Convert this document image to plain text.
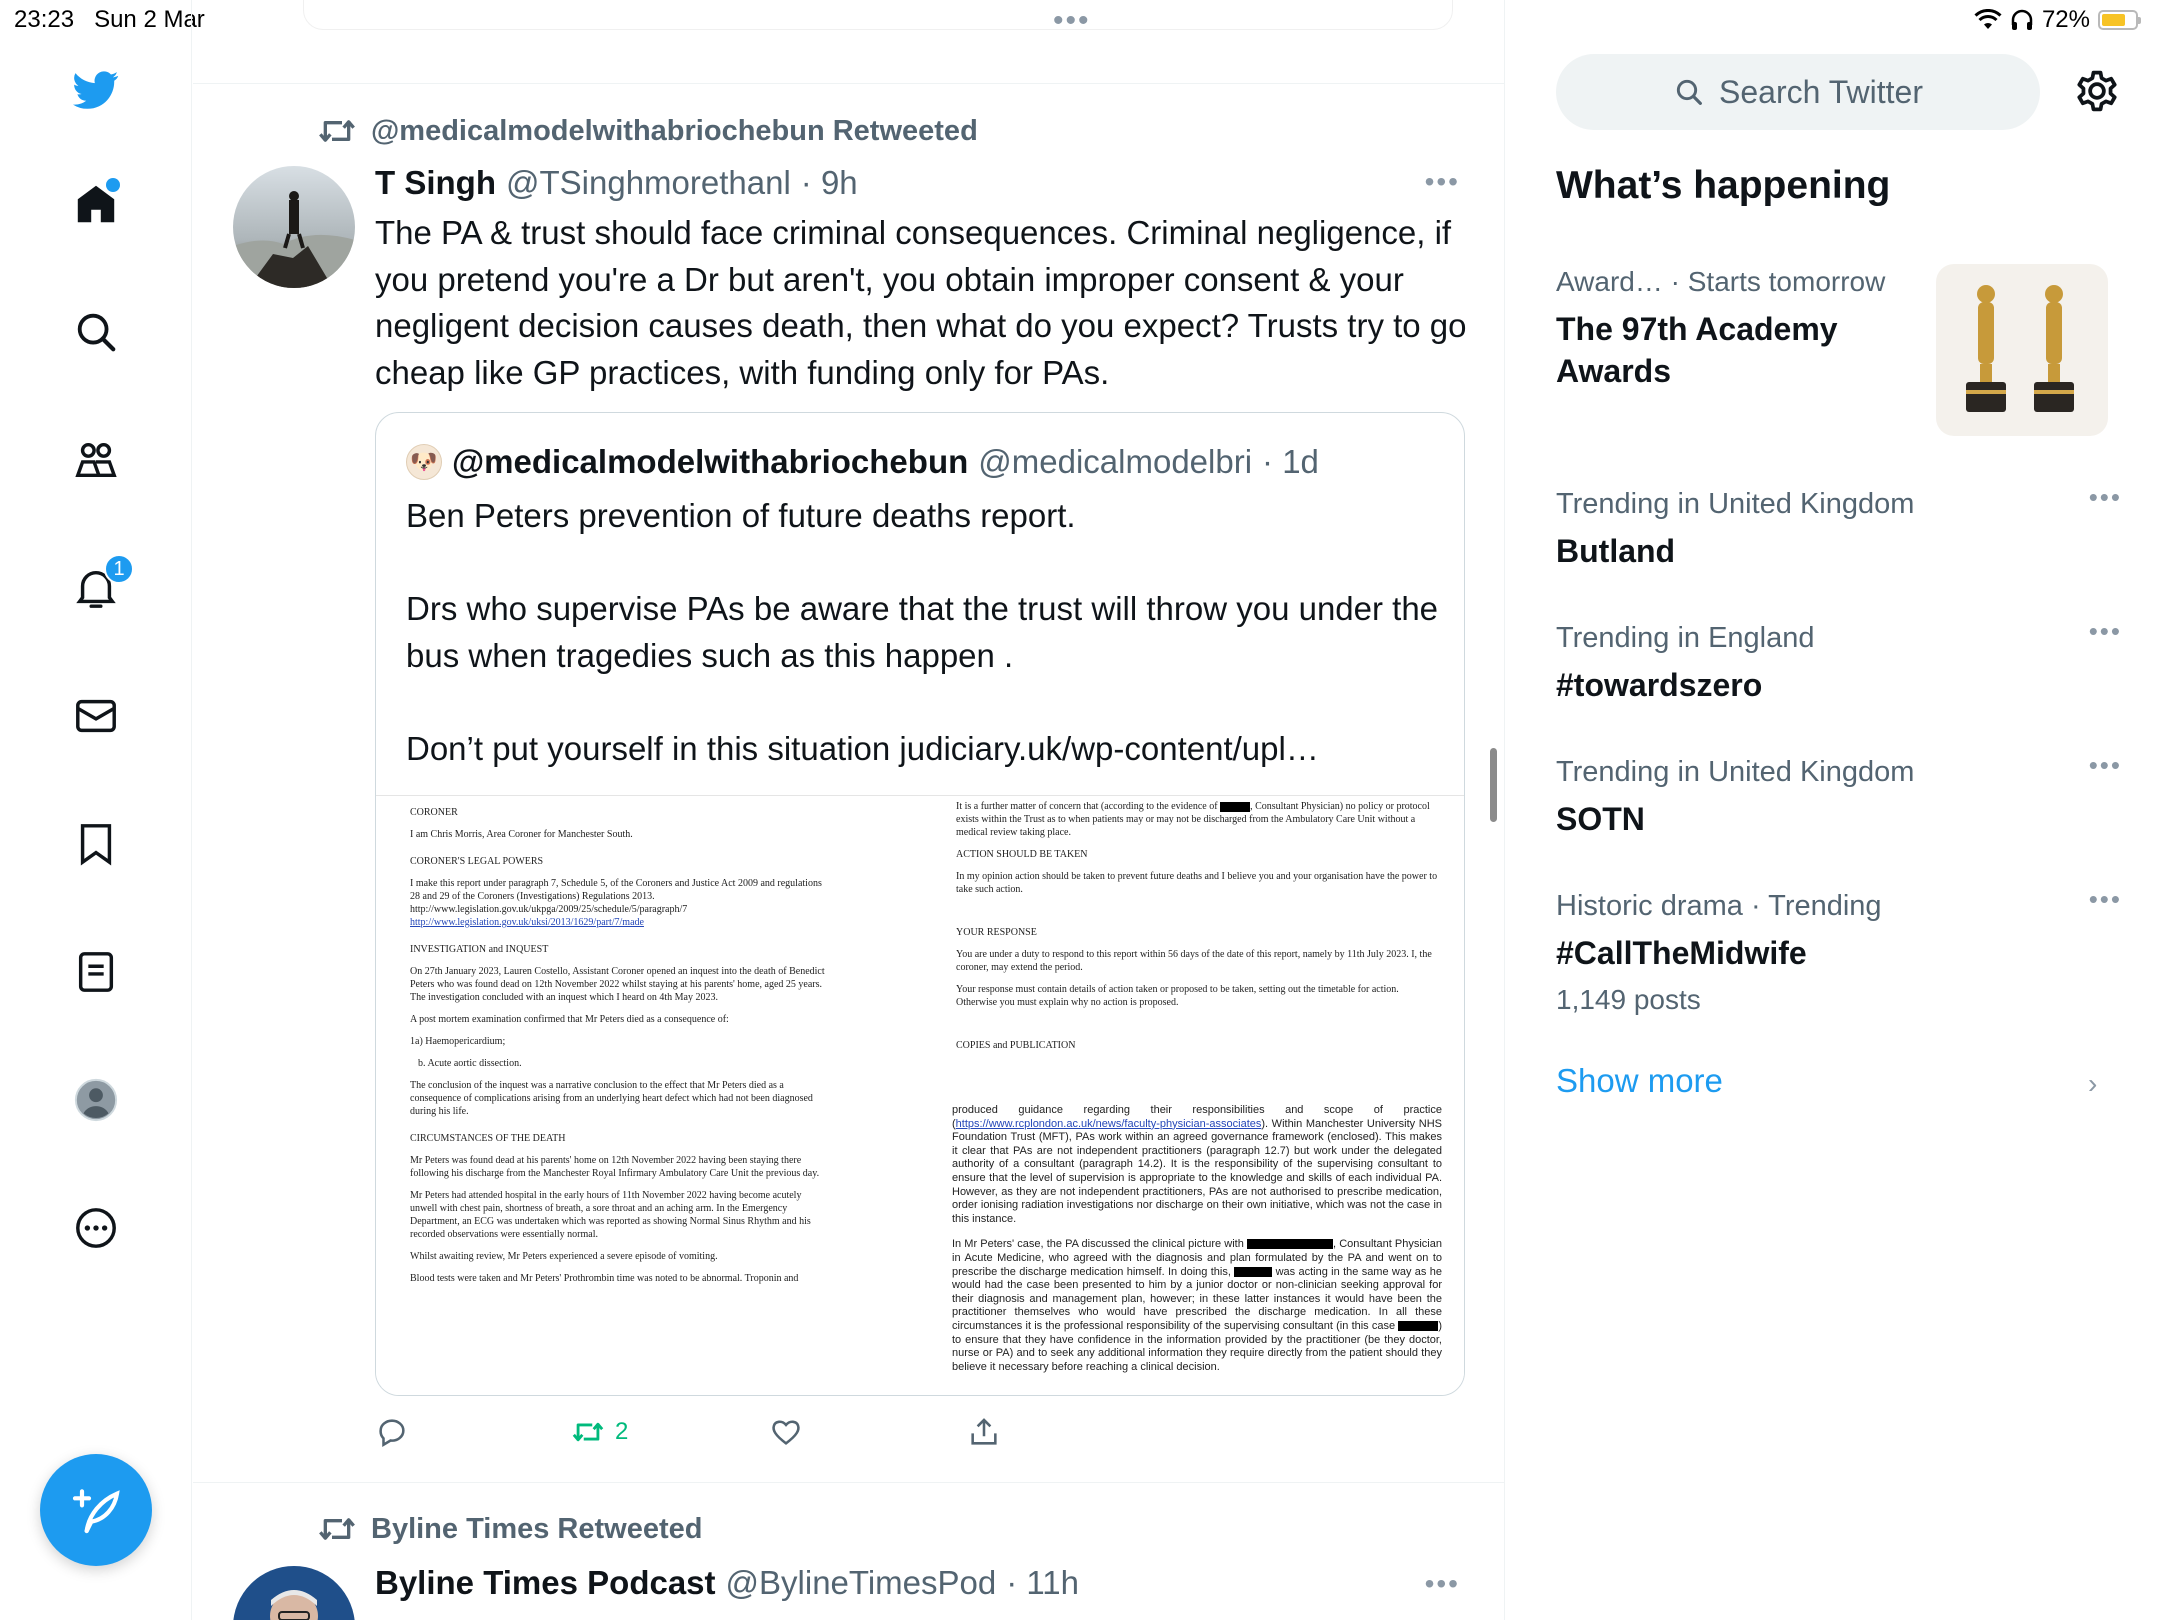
23:23 Sun 2 Mar	72%
1
•••
@medicalmodelwithabriochebun Retweeted
T Singh @TSinghmorethanl · 9h	•••
The PA & trust should face criminal consequences. Criminal negligence, if you pretend you're a Dr but aren't, you obtain improper consent & your negligent decision causes death, then what do you expect? Trusts try to go cheap like GP practices, with funding only for PAs.
🐶 @medicalmodelwithabriochebun @medicalmodelbri · 1d
Ben Peters prevention of future deaths report.

Drs who supervise PAs be aware that the trust will throw you under the bus when tragedies such as this happen .

Don’t put yourself in this situation judiciary.uk/wp-content/upl…

CORONER

I am Chris Morris, Area Coroner for Manchester South.

CORONER'S LEGAL POWERS

I make this report under paragraph 7, Schedule 5, of the Coroners and Justice Act 2009 and regulations 28 and 29 of the Coroners (Investigations) Regulations 2013.

http://www.legislation.gov.uk/ukpga/2009/25/schedule/5/paragraph/7

http://www.legislation.gov.uk/uksi/2013/1629/part/7/made

INVESTIGATION and INQUEST

On 27th January 2023, Lauren Costello, Assistant Coroner opened an inquest into the death of Benedict Peters who was found dead on 12th November 2022 whilst staying at his parents' home, aged 25 years. The investigation concluded with an inquest which I heard on 4th May 2023.

A post mortem examination confirmed that Mr Peters died as a consequence of:

1a) Haemopericardium;

b. Acute aortic dissection.

The conclusion of the inquest was a narrative conclusion to the effect that Mr Peters died as a consequence of complications arising from an underlying heart defect which had not been diagnosed during his life.

CIRCUMSTANCES OF THE DEATH

Mr Peters was found dead at his parents' home on 12th November 2022 having been staying there following his discharge from the Manchester Royal Infirmary Ambulatory Care Unit the previous day.

Mr Peters had attended hospital in the early hours of 11th November 2022 having become acutely unwell with chest pain, shortness of breath, a sore throat and an aching arm. In the Emergency Department, an ECG was undertaken which was reported as showing Normal Sinus Rhythm and his recorded observations were essentially normal.

Whilst awaiting review, Mr Peters experienced a severe episode of vomiting.

Blood tests were taken and Mr Peters' Prothrombin time was noted to be abnormal. Troponin and

It is a further matter of concern that (according to the evidence of	, Consultant Physician) no policy or protocol exists within the Trust as to when patients may or may not be discharged from the Ambulatory Care Unit without a medical review taking place.

ACTION SHOULD BE TAKEN

In my opinion action should be taken to prevent future deaths and I believe you and your organisation have the power to take such action.

YOUR RESPONSE

You are under a duty to respond to this report within 56 days of the date of this report, namely by 11th July 2023. I, the coroner, may extend the period.

Your response must contain details of action taken or proposed to be taken, setting out the timetable for action. Otherwise you must explain why no action is proposed.

COPIES and PUBLICATION

produced guidance regarding their responsibilities and scope of practice (https://www.rcplondon.ac.uk/news/faculty-physician-associates). Within Manchester University NHS Foundation Trust (MFT), PAs work within an agreed governance framework (enclosed). This makes it clear that PAs are not independent practitioners (paragraph 12.7) but work under the delegated authority of a consultant (paragraph 14.2). It is the responsibility of the supervising consultant to ensure that the level of supervision is appropriate to the knowledge and skills of each individual PA. However, as they are not independent practitioners, PAs are not authorised to prescribe medication, order ionising radiation investigations nor discharge on their own initiative, which was not the case in this instance.

In Mr Peters' case, the PA discussed the clinical picture with	, Consultant Physician in Acute Medicine, who agreed with the diagnosis and plan formulated by the PA and went on to prescribe the discharge medication himself. In doing this,	was acting in the same way as he would had the case been presented to him by a junior doctor or non-clinician seeking approval for their diagnosis and management plan, however; in these latter instances it would have been the practitioner themselves who would have prescribed the discharge medication. In all these circumstances it is the professional responsibility of the supervising consultant (in this case	) to ensure that they have confidence in the information provided by the practitioner (be they doctor, nurse or PA) and to seek any additional information they require directly from the patient should they believe it necessary before reaching a clinical decision.

2
Byline Times Retweeted
Byline Times Podcast @BylineTimesPod · 11h	•••
Search Twitter
What’s happening
Award… · Starts tomorrow
The 97th Academy Awards
Trending in United Kingdom
Butland
•••
Trending in England
#towardszero
•••
Trending in United Kingdom
SOTN
•••
Historic drama · Trending
#CallTheMidwife
1,149 posts
•••
Show more	›
